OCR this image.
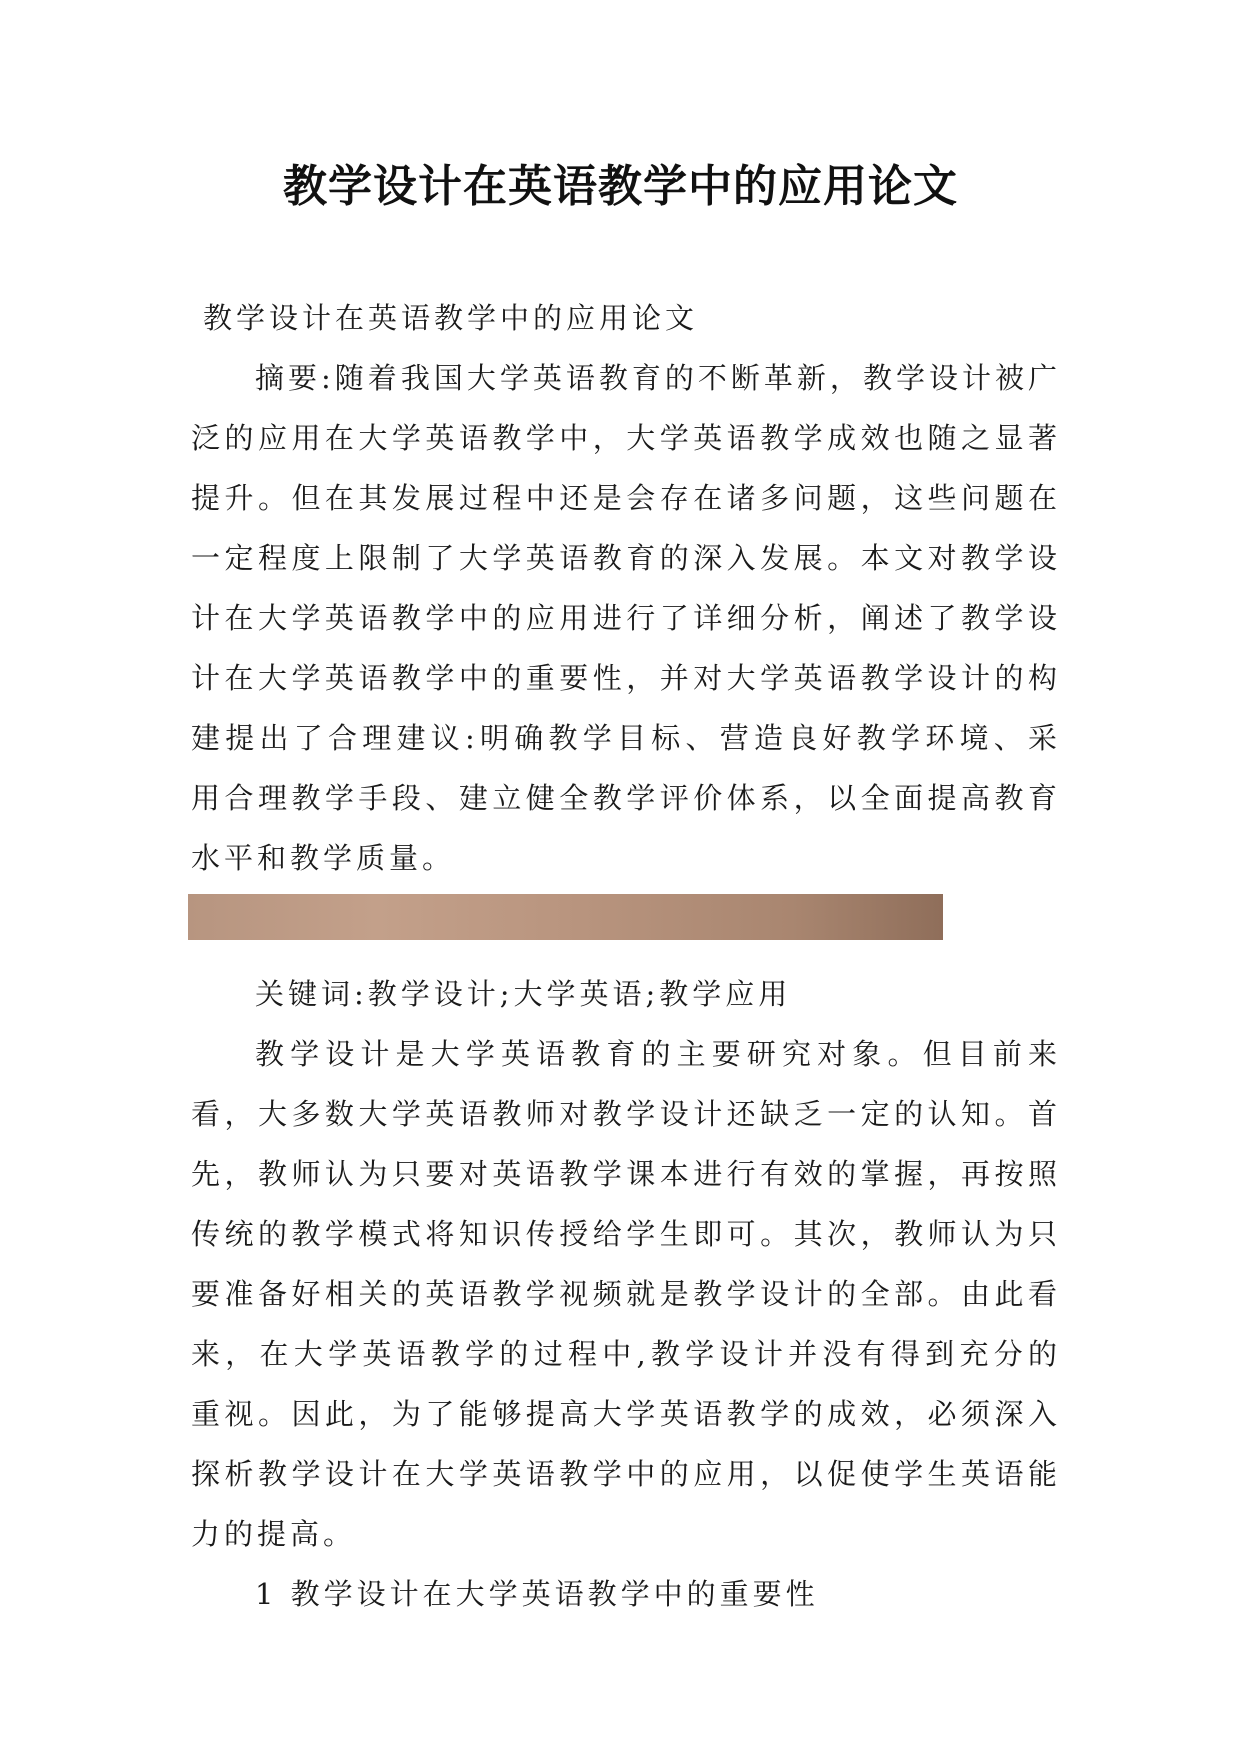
教学设计在英语教学中的应用论文

教学设计在英语教学中的应用论文

摘要:随着我国大学英语教育的不断革新，教学设计被广泛的应用在大学英语教学中，大学英语教学成效也随之显著提升。但在其发展过程中还是会存在诸多问题，这些问题在一定程度上限制了大学英语教育的深入发展。本文对教学设计在大学英语教学中的应用进行了详细分析，阐述了教学设计在大学英语教学中的重要性，并对大学英语教学设计的构建提出了合理建议:明确教学目标、营造良好教学环境、采用合理教学手段、建立健全教学评价体系，以全面提高教育水平和教学质量。

关键词:教学设计;大学英语;教学应用

教学设计是大学英语教育的主要研究对象。但目前来看，大多数大学英语教师对教学设计还缺乏一定的认知。首先，教师认为只要对英语教学课本进行有效的掌握，再按照传统的教学模式将知识传授给学生即可。其次，教师认为只要准备好相关的英语教学视频就是教学设计的全部。由此看来，在大学英语教学的过程中,教学设计并没有得到充分的重视。因此，为了能够提高大学英语教学的成效，必须深入探析教学设计在大学英语教学中的应用，以促使学生英语能力的提高。

1 教学设计在大学英语教学中的重要性
